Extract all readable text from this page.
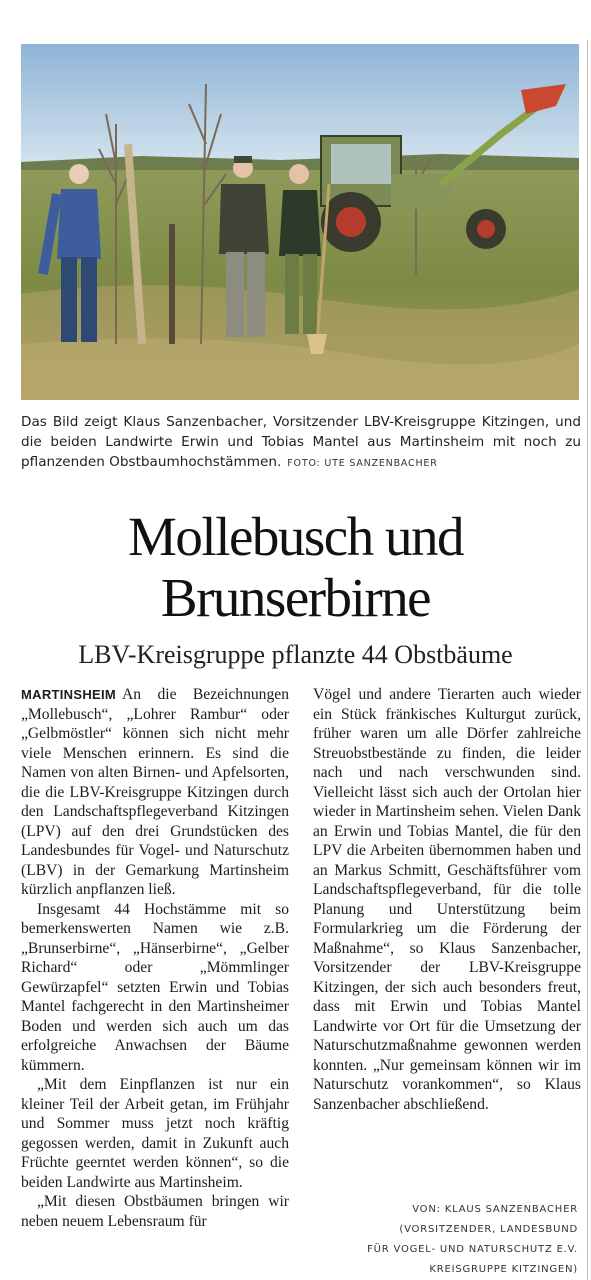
Das Bild zeigt Klaus Sanzenbacher, Vorsitzender LBV-Kreisgruppe Kitzingen, und die beiden Landwirte Erwin und Tobias Mantel aus Martinsheim mit noch zu pflanzenden Obstbaumhochstämmen. FOTO: UTE SANZENBACHER
Mollebusch und
Brunserbirne
LBV-Kreisgruppe pflanzte 44 Obstbäume

MARTINSHEIM An die Bezeichnungen „Mollebusch“, „Lohrer Rambur“ oder „Gelbmöstler“ können sich nicht mehr viele Menschen erinnern. Es sind die Namen von alten Birnen- und Apfelsorten, die die LBV-Kreisgruppe Kitzingen durch den Landschaftspflegeverband Kitzingen (LPV) auf den drei Grundstücken des Landesbundes für Vogel- und Naturschutz (LBV) in der Gemarkung Martinsheim kürzlich anpflanzen ließ.

Insgesamt 44 Hochstämme mit so bemerkenswerten Namen wie z.B. „Brunserbirne“, „Hänserbirne“, „Gelber Richard“ oder „Mömmlinger Gewürzapfel“ setzten Erwin und Tobias Mantel fachgerecht in den Martinsheimer Boden und werden sich auch um das erfolgreiche Anwachsen der Bäume kümmern.

„Mit dem Einpflanzen ist nur ein kleiner Teil der Arbeit getan, im Frühjahr und Sommer muss jetzt noch kräftig gegossen werden, damit in Zukunft auch Früchte geerntet werden können“, so die beiden Landwirte aus Martinsheim.

„Mit diesen Obstbäumen bringen wir neben neuem Lebensraum für

Vögel und andere Tierarten auch wieder ein Stück fränkisches Kulturgut zurück, früher waren um alle Dörfer zahlreiche Streuobstbestände zu finden, die leider nach und nach verschwunden sind. Vielleicht lässt sich auch der Ortolan hier wieder in Martinsheim sehen. Vielen Dank an Erwin und Tobias Mantel, die für den LPV die Arbeiten übernommen haben und an Markus Schmitt, Geschäftsführer vom Landschaftspflegeverband, für die tolle Planung und Unterstützung beim Formularkrieg um die Förderung der Maßnahme“, so Klaus Sanzenbacher, Vorsitzender der LBV-Kreisgruppe Kitzingen, der sich auch besonders freut, dass mit Erwin und Tobias Mantel Landwirte vor Ort für die Umsetzung der Naturschutzmaßnahme gewonnen werden konnten. „Nur gemeinsam können wir im Naturschutz vorankommen“, so Klaus Sanzenbacher abschließend.

VON: KLAUS SANZENBACHER
(VORSITZENDER, LANDESBUND
FÜR VOGEL- UND NATURSCHUTZ E.V.
KREISGRUPPE KITZINGEN)
